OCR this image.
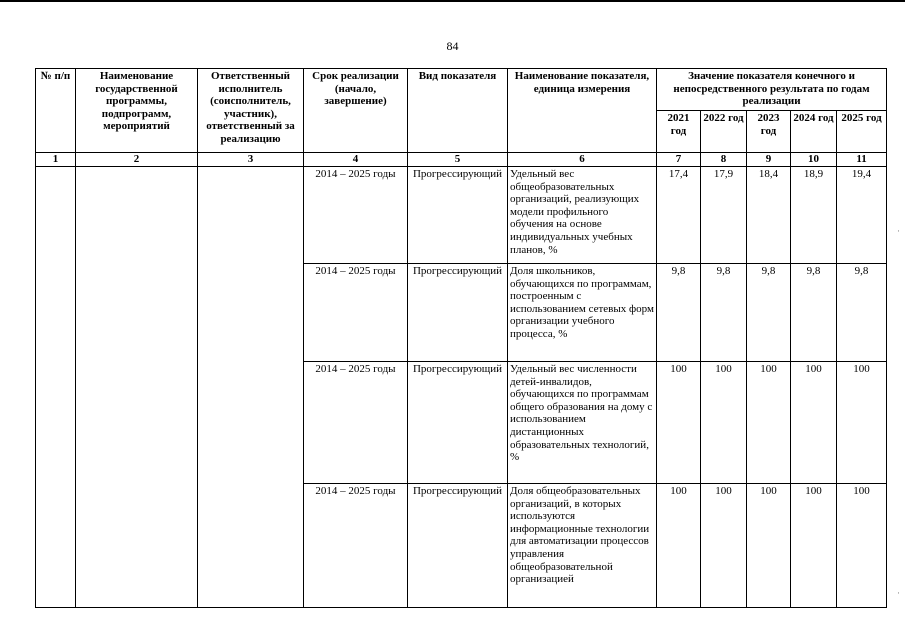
84
·
·
№ п/п	Наименование государственной программы, подпрограмм, мероприятий	Ответственный исполнитель (соисполнитель, участник), ответственный за реализацию	Срок реализации (начало, завершение)	Вид показателя	Наименование показателя, единица измерения	Значение показателя конечного и непосредственного результата по годам реализации				
						2021 год	2022 год	2023 год	2024 год	2025 год
1	2	3	4	5	6	7	8	9	10	11
			2014 – 2025 годы	Прогрессирующий	Удельный вес общеобразовательных организаций, реализующих модели профильного обучения на основе индивидуальных учебных планов, %	17,4	17,9	18,4	18,9	19,4
			2014 – 2025 годы	Прогрессирующий	Доля школьников, обучающихся по программам, построенным с использованием сетевых форм организации учебного процесса, %	9,8	9,8	9,8	9,8	9,8
			2014 – 2025 годы	Прогрессирующий	Удельный вес численности детей-инвалидов, обучающихся по программам общего образования на дому с использованием дистанционных образовательных технологий, %	100	100	100	100	100
			2014 – 2025 годы	Прогрессирующий	Доля общеобразовательных организаций, в которых используются информационные технологии для автоматизации процессов управления общеобразовательной организацией	100	100	100	100	100
